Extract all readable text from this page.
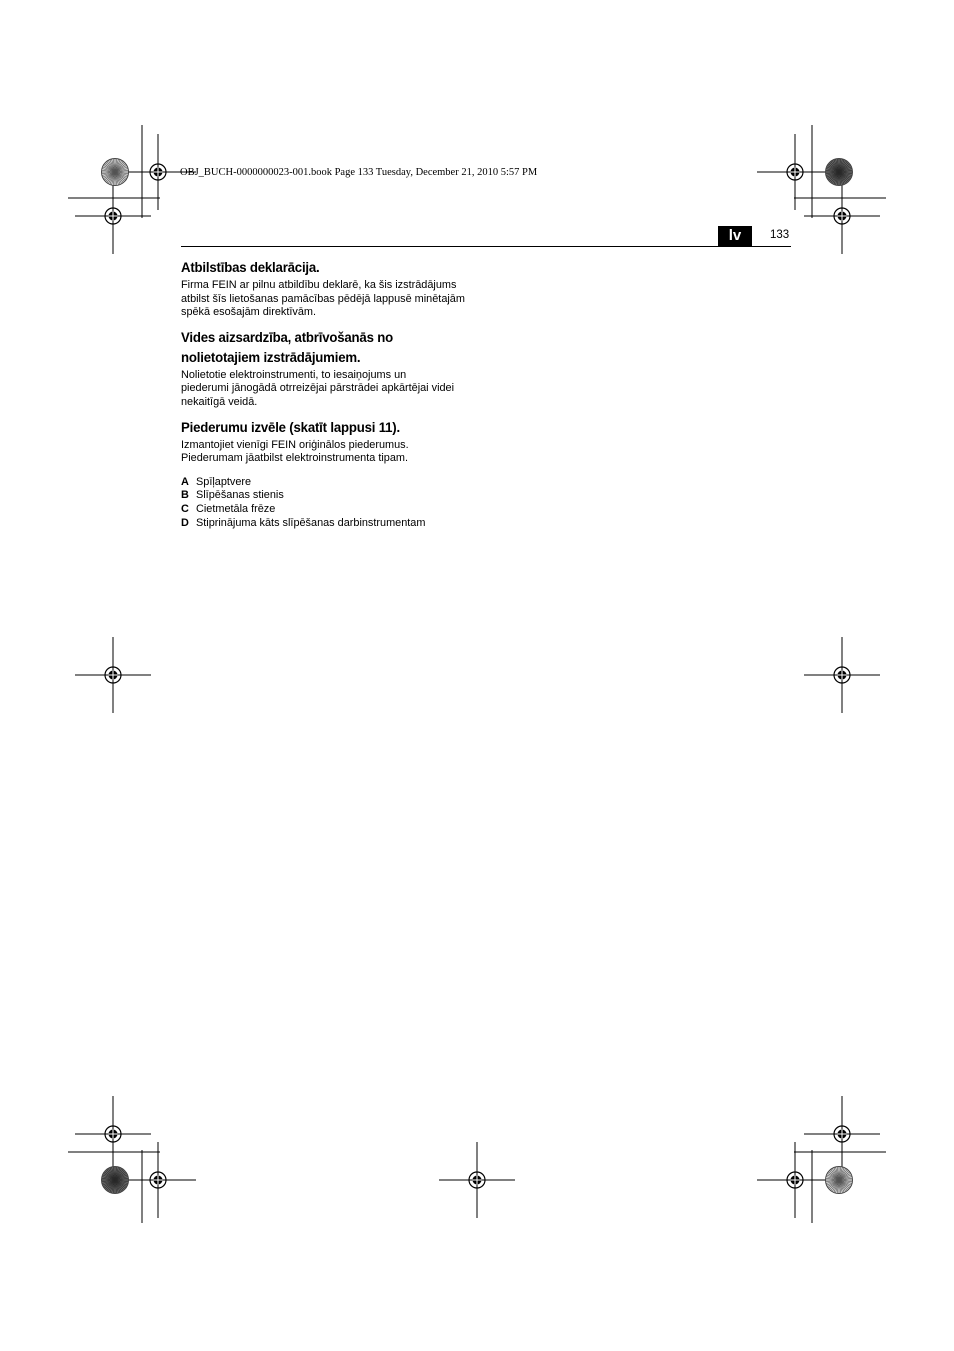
OBJ_BUCH-0000000023-001.book Page 133 Tuesday, December 21, 2010 5:57 PM
lv	133
Atbilstības deklarācija.
Firma FEIN ar pilnu atbildību deklarē, ka šis izstrādājums
atbilst šīs lietošanas pamācības pēdējā lappusē minētajām
spēkā esošajām direktīvām.
Vides aizsardzība, atbrīvošanās no
nolietotajiem izstrādājumiem.
Nolietotie elektroinstrumenti, to iesaiņojums un
piederumi jānogādā otrreizējai pārstrādei apkārtējai videi
nekaitīgā veidā.
Piederumu izvēle (skatīt lappusi 11).
Izmantojiet vienīgi FEIN oriģinālos piederumus.
Piederumam jāatbilst elektroinstrumenta tipam.
A Spīļaptvere
B Slīpēšanas stienis
C Cietmetāla frēze
D Stiprinājuma kāts slīpēšanas darbinstrumentam
